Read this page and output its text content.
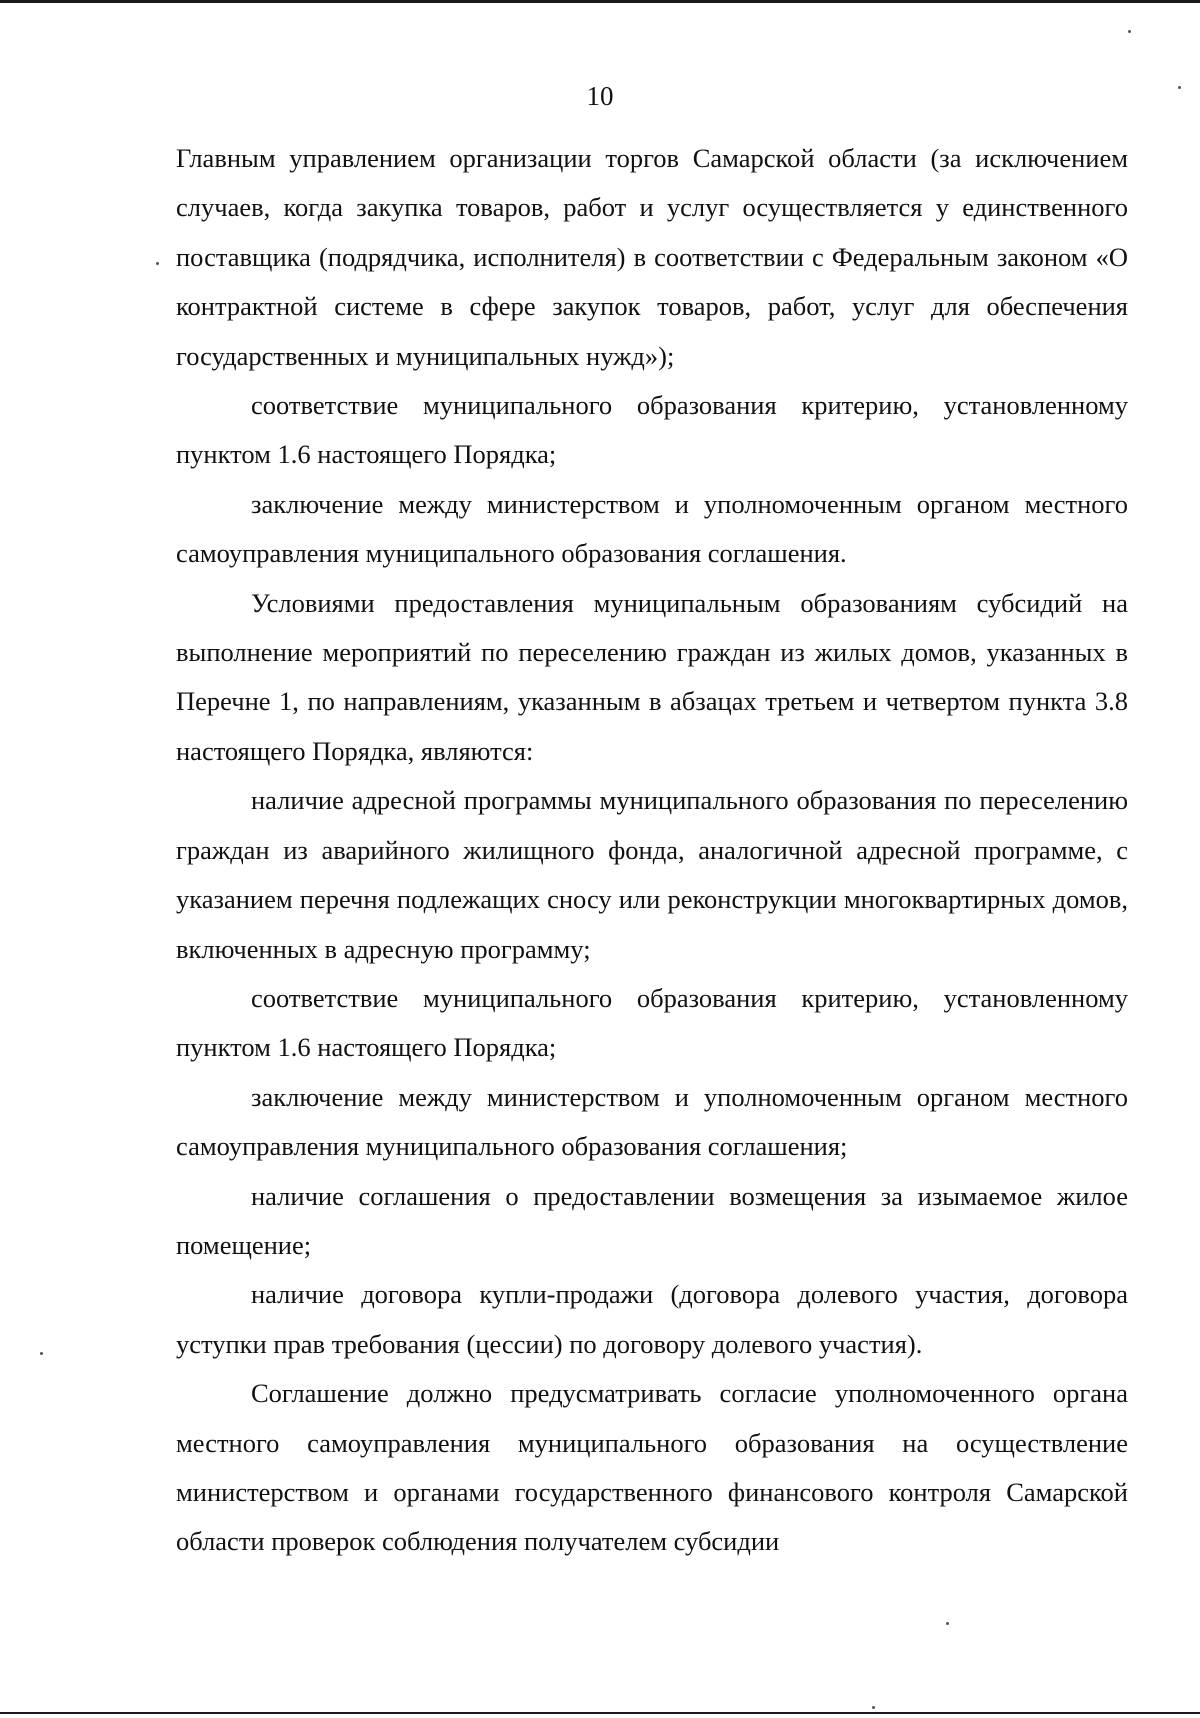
10

Главным управлением организации торгов Самарской области (за исключением случаев, когда закупка товаров, работ и услуг осуществляется у единственного поставщика (подрядчика, исполнителя) в соответствии с Федеральным законом «О контрактной системе в сфере закупок товаров, работ, услуг для обеспечения государственных и муниципальных нужд»);

соответствие муниципального образования критерию, установленному пунктом 1.6 настоящего Порядка;

заключение между министерством и уполномоченным органом местного самоуправления муниципального образования соглашения.

Условиями предоставления муниципальным образованиям субсидий на выполнение мероприятий по переселению граждан из жилых домов, указанных в Перечне 1, по направлениям, указанным в абзацах третьем и четвертом пункта 3.8 настоящего Порядка, являются:

наличие адресной программы муниципального образования по переселению граждан из аварийного жилищного фонда, аналогичной адресной программе, с указанием перечня подлежащих сносу или реконструкции многоквартирных домов, включенных в адресную программу;

соответствие муниципального образования критерию, установленному пунктом 1.6 настоящего Порядка;

заключение между министерством и уполномоченным органом местного самоуправления муниципального образования соглашения;

наличие соглашения о предоставлении возмещения за изымаемое жилое помещение;

наличие договора купли-продажи (договора долевого участия, договора уступки прав требования (цессии) по договору долевого участия).

Соглашение должно предусматривать согласие уполномоченного органа местного самоуправления муниципального образования на осуществление министерством и органами государственного финансового контроля Самарской области проверок соблюдения получателем субсидии
